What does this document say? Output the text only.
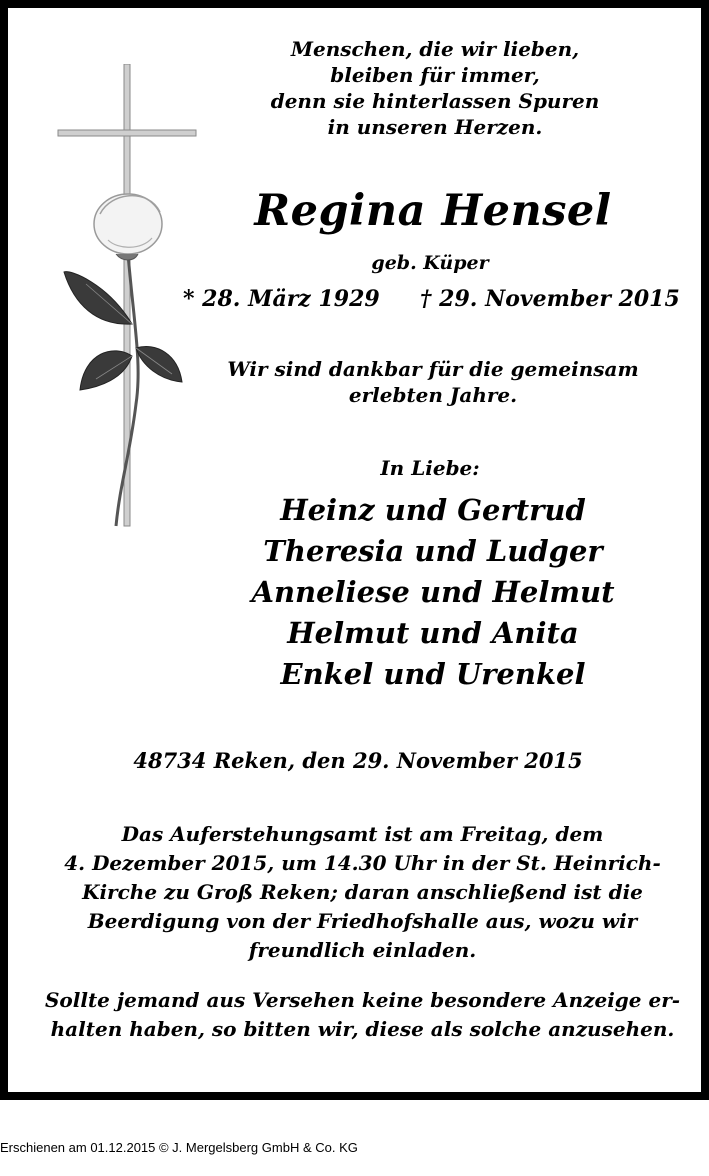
Menschen, die wir lieben,
bleiben für immer,
denn sie hinterlassen Spuren
in unseren Herzen.
Regina Hensel
geb. Küper
* 28. März 1929 † 29. November 2015
Wir sind dankbar für die gemeinsam
erlebten Jahre.
In Liebe:
Heinz und Gertrud
Theresia und Ludger
Anneliese und Helmut
Helmut und Anita
Enkel und Urenkel
48734 Reken, den 29. November 2015
Das Auferstehungsamt ist am Freitag, dem
4. Dezember 2015, um 14.30 Uhr in der St. Heinrich-
Kirche zu Groß Reken; daran anschließend ist die
Beerdigung von der Friedhofshalle aus, wozu wir
freundlich einladen.
Sollte jemand aus Versehen keine besondere Anzeige er-
halten haben, so bitten wir, diese als solche anzusehen.
Erschienen am 01.12.2015 © J. Mergelsberg GmbH & Co. KG
